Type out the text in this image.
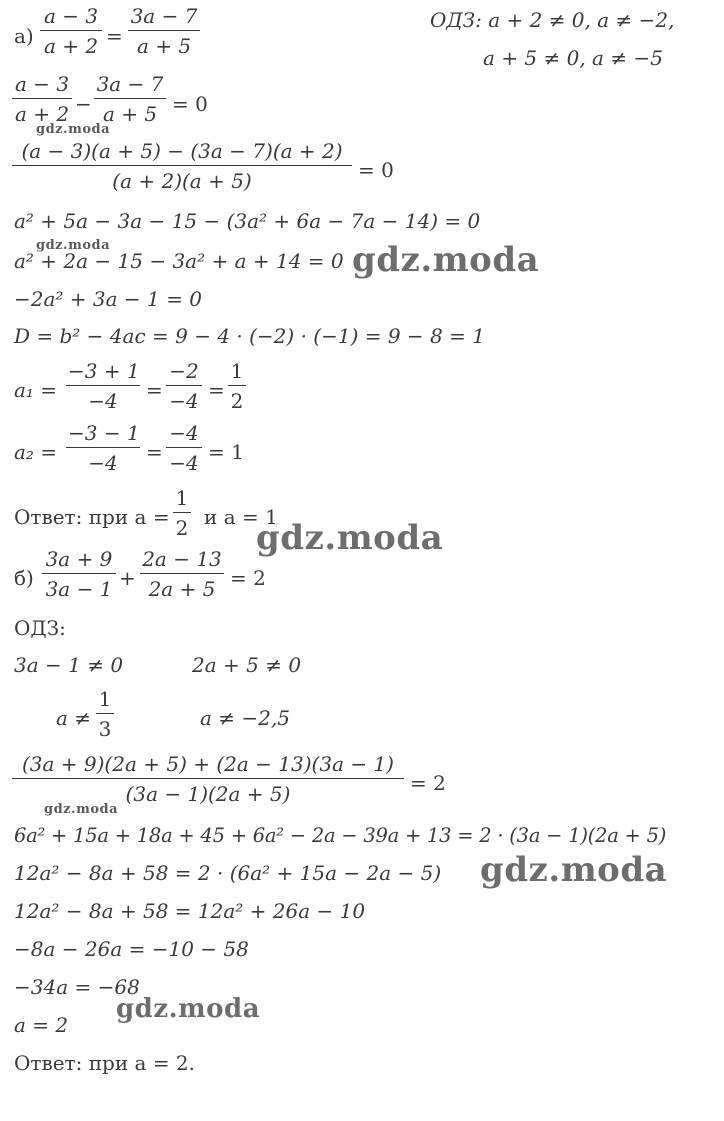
а)
a − 3
a + 2 =
3a − 7
a + 5
ОДЗ: a + 2 ≠ 0, a ≠ −2,
a + 5 ≠ 0, a ≠ −5
a − 3
a + 2 −
3a − 7
a + 5 = 0
(a − 3)(a + 5) − (3a − 7)(a + 2)
(a + 2)(a + 5)	= 0
a² + 5a − 3a − 15 − (3a² + 6a − 7a − 14) = 0
a² + 2a − 15 − 3a² + a + 14 = 0
−2a² + 3a − 1 = 0
D = b² − 4ac = 9 − 4 · (−2) · (−1) = 9 − 8 = 1
a₁ =
−3 + 1
−4	=
−2
−4 =
1
2
a₂ =
−3 − 1
−4	=
−4
−4 = 1
Ответ: при a =
1
2 и a = 1
б)
3a + 9
3a − 1 +
2a − 13
2a + 5 = 2
ОДЗ:
3a − 1 ≠ 0	2a + 5 ≠ 0
a ≠
1
3	a ≠ −2,5
(3a + 9)(2a + 5) + (2a − 13)(3a − 1)
(3a − 1)(2a + 5)	= 2
6a² + 15a + 18a + 45 + 6a² − 2a − 39a + 13 = 2 · (3a − 1)(2a + 5)
12a² − 8a + 58 = 2 · (6a² + 15a − 2a − 5)
12a² − 8a + 58 = 12a² + 26a − 10
−8a − 26a = −10 − 58
−34a = −68
a = 2
Ответ: при a = 2.
gdz.moda
gdz.moda	gdz.moda
gdz.moda
gdz.moda
gdz.moda
gdz.moda
